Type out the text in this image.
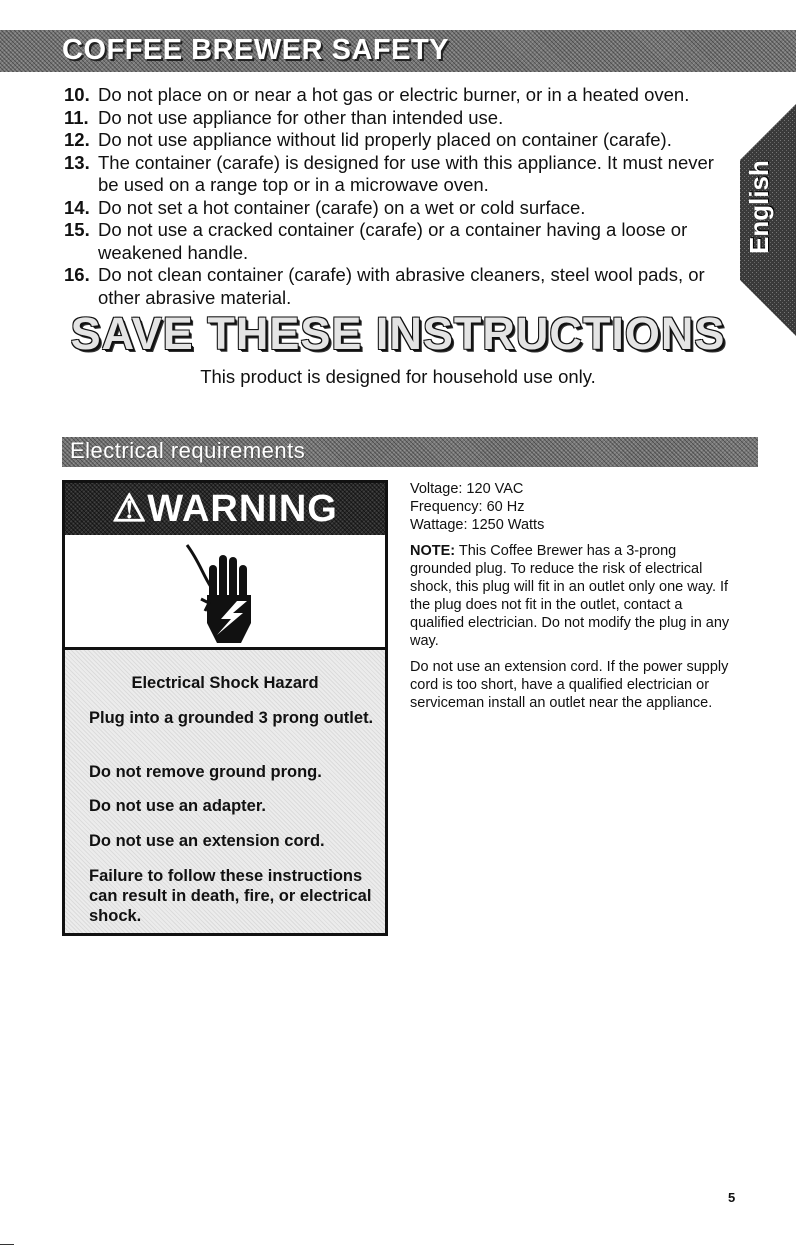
COFFEE BREWER SAFETY
10. Do not place on or near a hot gas or electric burner, or in a heated oven.
11. Do not use appliance for other than intended use.
12. Do not use appliance without lid properly placed on container (carafe).
13. The container (carafe) is designed for use with this appliance. It must never be used on a range top or in a microwave oven.
14. Do not set a hot container (carafe) on a wet or cold surface.
15. Do not use a cracked container (carafe) or a container having a loose or weakened handle.
16. Do not clean container (carafe) with abrasive cleaners, steel wool pads, or other abrasive material.
English
SAVE THESE INSTRUCTIONS
This product is designed for household use only.
Electrical requirements
⚠WARNING
Electrical Shock Hazard

Plug into a grounded 3 prong outlet.

Do not remove ground prong.

Do not use an adapter.

Do not use an extension cord.

Failure to follow these instructions can result in death, fire, or electrical shock.

Voltage: 120 VAC
Frequency: 60 Hz
Wattage: 1250 Watts

NOTE: This Coffee Brewer has a 3-prong grounded plug. To reduce the risk of electrical shock, this plug will fit in an outlet only one way. If the plug does not fit in the outlet, contact a qualified electrician. Do not modify the plug in any way.

Do not use an extension cord. If the power supply cord is too short, have a qualified electrician or serviceman install an outlet near the appliance.

5
